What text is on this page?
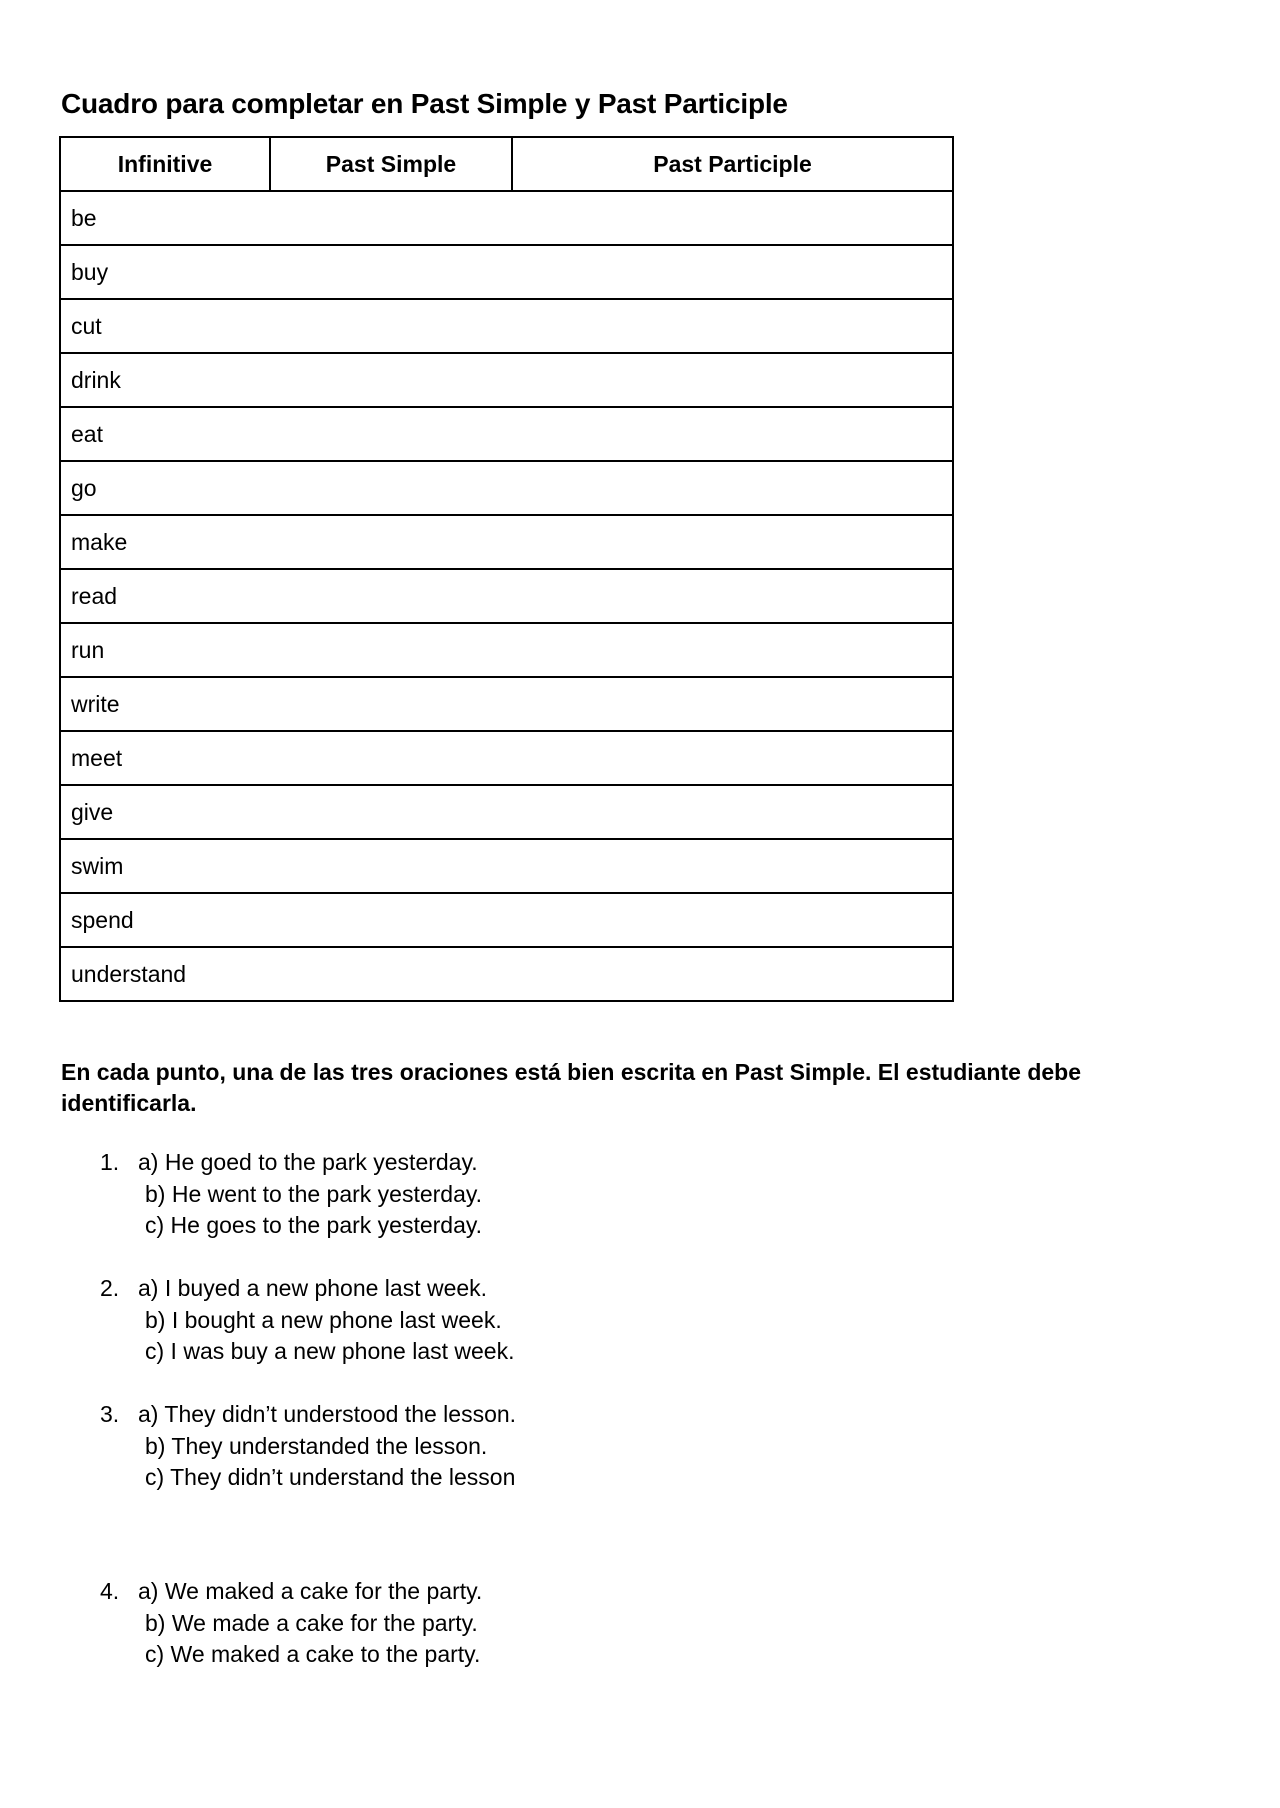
Cuadro para completar en Past Simple y Past Participle
Infinitive	Past Simple	Past Participle
be
buy
cut
drink
eat
go
make
read
run
write
meet
give
swim
spend
understand

En cada punto, una de las tres oraciones está bien escrita en Past Simple. El estudiante debe identificarla.

1. a) He goed to the park yesterday.
b) He went to the park yesterday.
c) He goes to the park yesterday.
2. a) I buyed a new phone last week.
b) I bought a new phone last week.
c) I was buy a new phone last week.
3. a) They didn’t understood the lesson.
b) They understanded the lesson.
c) They didn’t understand the lesson
4. a) We maked a cake for the party.
b) We made a cake for the party.
c) We maked a cake to the party.
